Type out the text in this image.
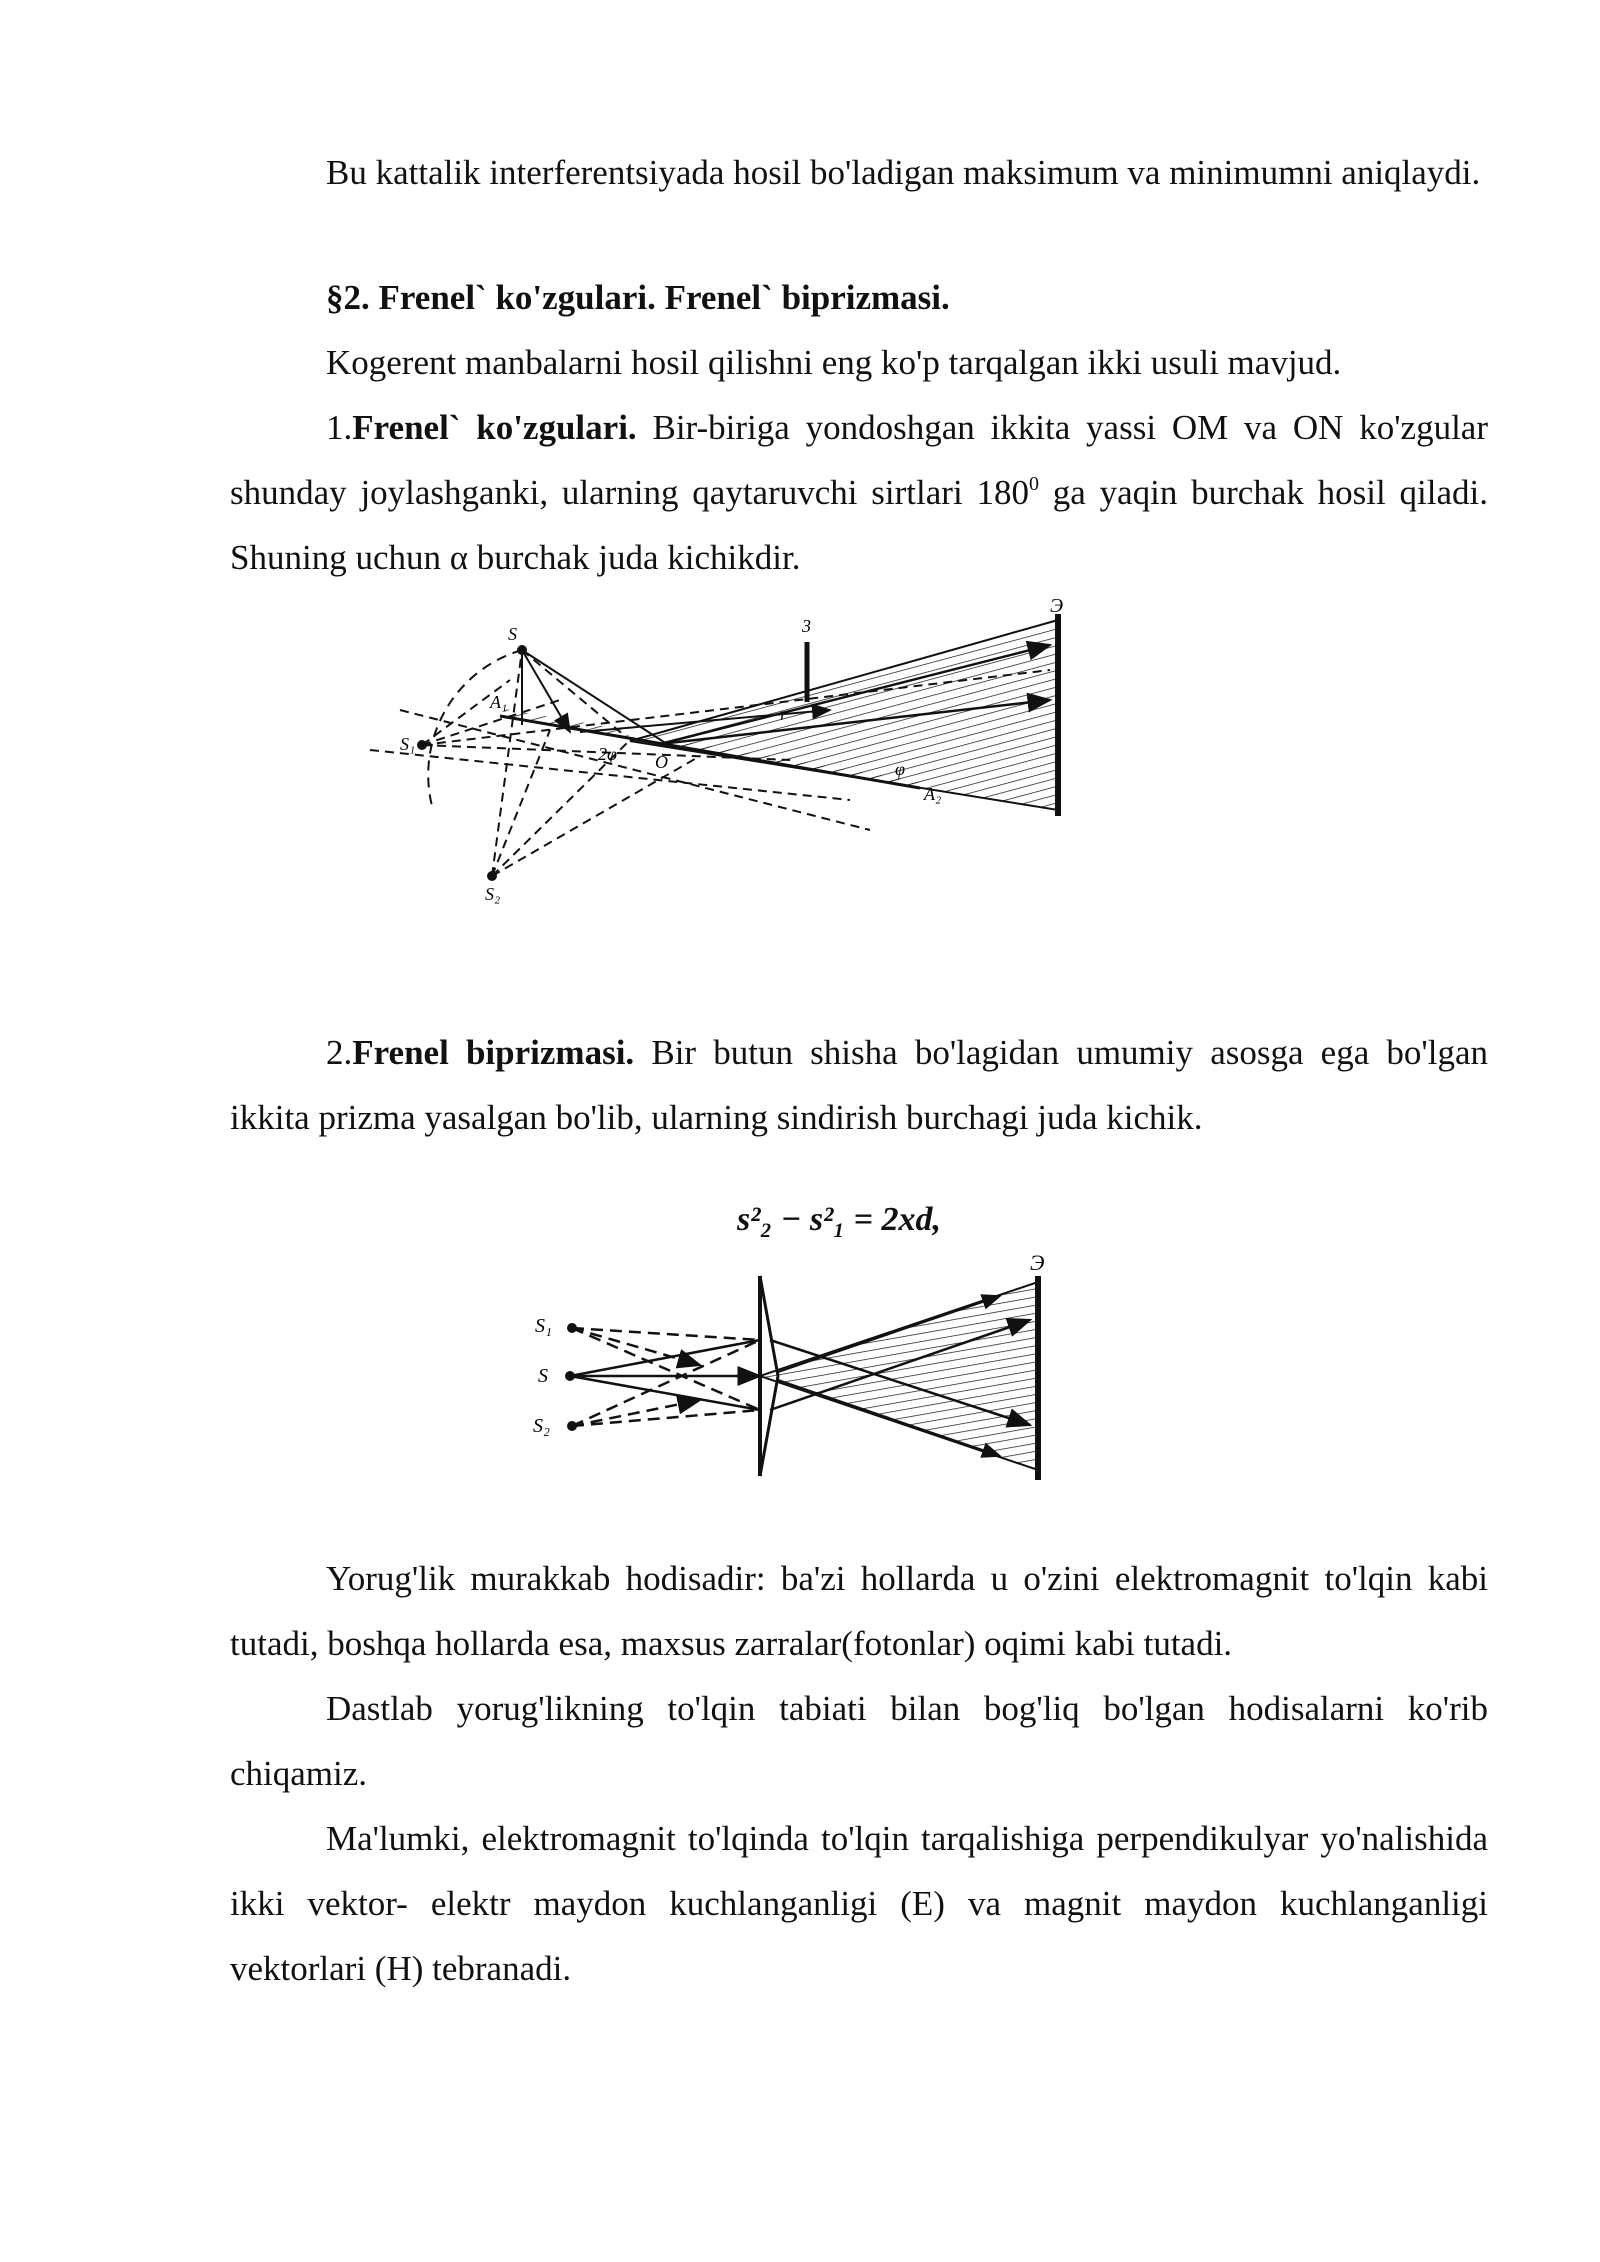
Bu kattalik interferentsiyada hosil bo'ladigan maksimum va minimumni aniqlaydi.

§2. Frenel` ko'zgulari. Frenel` biprizmasi.

Kogerent manbalarni hosil qilishni eng ko'p tarqalgan ikki usuli mavjud.

1.Frenel` ko'zgulari. Bir-biriga yondoshgan ikkita yassi OM va ON ko'zgular shunday joylashganki, ularning qaytaruvchi sirtlari $180^0$ ga yaqin burchak hosil qiladi. Shuning uchun α burchak juda kichikdir.

3
Э
S
S₁
S₂
A₁
A₂
r
2φ O	φ

2.Frenel biprizmasi. Bir butun shisha bo'lagidan umumiy asosga ega bo'lgan ikkita prizma yasalgan bo'lib, ularning sindirish burchagi juda kichik.

s²₂ − s²₁ = 2xd,
S₁
S
S₂
Э

Yorug'lik murakkab hodisadir: ba'zi hollarda u o'zini elektromagnit to'lqin kabi tutadi, boshqa hollarda esa, maxsus zarralar(fotonlar) oqimi kabi tutadi.

Dastlab yorug'likning to'lqin tabiati bilan bog'liq bo'lgan hodisalarni ko'rib chiqamiz.

Ma'lumki, elektromagnit to'lqinda to'lqin tarqalishiga perpendikulyar yo'nalishida ikki vektor- elektr maydon kuchlanganligi (E) va magnit maydon kuchlanganligi vektorlari (H) tebranadi.
